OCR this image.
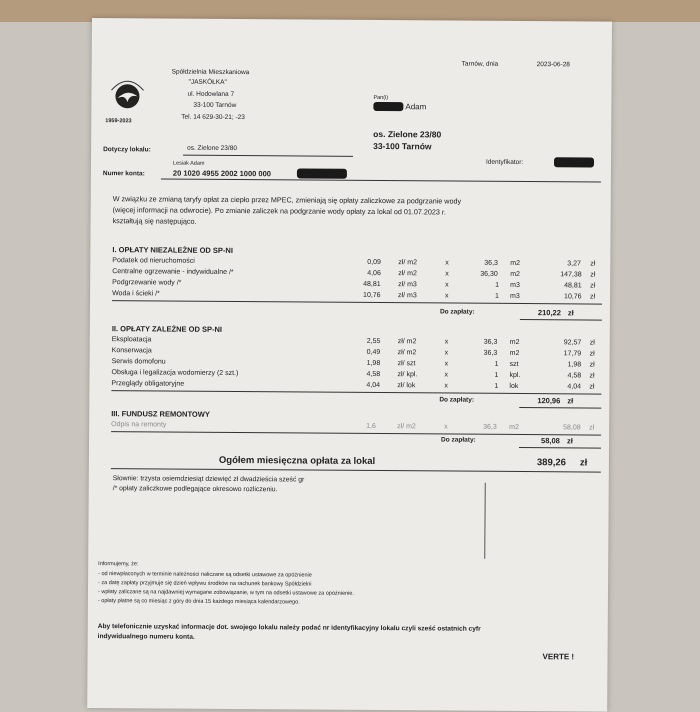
1959-2023
Spółdzielnia Mieszkaniowa
"JASKÓŁKA"
ul. Hodowlana 7
33-100 Tarnów
Tel. 14 629-30-21; -23
Tarnów, dnia	2023-06-28
Pan(i)
Adam
os. Zielone 23/80
33-100 Tarnów
Identyfikator:
Dotyczy lokalu:	os. Zielone 23/80
Lesiak Adam
Numer konta:	20 1020 4955 2002 1000 000
W związku ze zmianą taryfy opłat za ciepło przez MPEC, zmieniają się opłaty zaliczkowe za podgrzanie wody
(więcej informacji na odwrocie). Po zmianie zaliczek na podgrzanie wody opłaty za lokal od 01.07.2023 r.
kształtują się następująco.
I. OPŁATY NIEZALEŻNE OD SP-NI
Podatek od nieruchomości	0,09 zł/ m2	x	36,3 m2	3,27 zł
Centralne ogrzewanie - indywidualne /*	4,06 zł/ m2	x	36,30 m2	147,38 zł
Podgrzewanie wody /*	48,81 zł/ m3	x	1 m3	48,81 zł
Woda i ścieki /*	10,76 zł/ m3	x	1 m3	10,76 zł
Do zapłaty:	210,22 zł
II. OPŁATY ZALEŻNE OD SP-NI
Eksploatacja	2,55 zł/ m2	x	36,3 m2	92,57 zł
Konserwacja	0,49 zł/ m2	x	36,3 m2	17,79 zł
Serwis domofonu	1,98 zł/ szt	x	1 szt	1,98 zł
Obsługa i legalizacja wodomierzy (2 szt.)	4,58 zł/ kpl.	x	1 kpl.	4,58 zł
Przeglądy obligatoryjne	4,04 zł/ lok	x	1 lok	4,04 zł
Do zapłaty:	120,96 zł
III. FUNDUSZ REMONTOWY
Odpis na remonty	1,6	zł/ m2	x	36,3 m2	58,08 zł
Do zapłaty:	58,08 zł
Ogółem miesięczna opłata za lokal	389,26 zł
Słownie: trzysta osiemdziesiąt dziewięć zł dwadzieścia sześć gr
/* opłaty zaliczkowe podlegające okresowo rozliczeniu.
Informujemy, że:
- od niewpłaconych w terminie należności naliczane są odsetki ustawowe za opóźnienie
- za datę zapłaty przyjmuje się dzień wpływu środków na rachunek bankowy Spółdzielni
- wpłaty zaliczane są na najdawniej wymagane zobowiązanie, w tym na odsetki ustawowe za opóźnienie.
- opłaty płatne są co miesiąc z góry do dnia 15 każdego miesiąca kalendarzowego.
Aby telefonicznie uzyskać informacje dot. swojego lokalu należy podać nr identyfikacyjny lokalu czyli sześć ostatnich cyfr
indywidualnego numeru konta.
VERTE !
